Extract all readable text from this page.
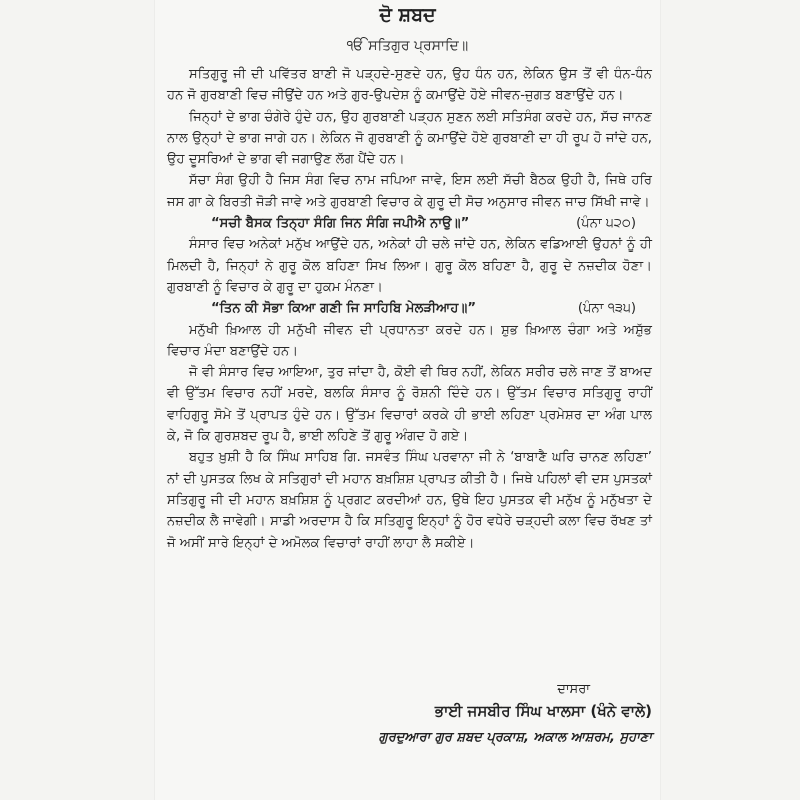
ਦੋ ਸ਼ਬਦ
ੴ ਸਤਿਗੁਰ ਪ੍ਰਸਾਦਿ॥

ਸਤਿਗੁਰੂ ਜੀ ਦੀ ਪਵਿੱਤਰ ਬਾਣੀ ਜੋ ਪੜ੍ਹਦੇ-ਸੁਣਦੇ ਹਨ, ਉਹ ਧੰਨ ਹਨ, ਲੇਕਿਨ ਉਸ ਤੋਂ ਵੀ ਧੰਨ-ਧੰਨ ਹਨ ਜੋ ਗੁਰਬਾਣੀ ਵਿਚ ਜੀਉਂਦੇ ਹਨ ਅਤੇ ਗੁਰ-ਉਪਦੇਸ਼ ਨੂੰ ਕਮਾਉਂਦੇ ਹੋਏ ਜੀਵਨ-ਜੁਗਤ ਬਣਾਉਂਦੇ ਹਨ।

ਜਿਨ੍ਹਾਂ ਦੇ ਭਾਗ ਚੰਗੇਰੇ ਹੁੰਦੇ ਹਨ, ਉਹ ਗੁਰਬਾਣੀ ਪੜ੍ਹਨ ਸੁਣਨ ਲਈ ਸਤਿਸੰਗ ਕਰਦੇ ਹਨ, ਸੱਚ ਜਾਨਣ ਨਾਲ ਉਨ੍ਹਾਂ ਦੇ ਭਾਗ ਜਾਗੇ ਹਨ। ਲੇਕਿਨ ਜੋ ਗੁਰਬਾਣੀ ਨੂੰ ਕਮਾਉਂਦੇ ਹੋਏ ਗੁਰਬਾਣੀ ਦਾ ਹੀ ਰੂਪ ਹੋ ਜਾਂਦੇ ਹਨ, ਉਹ ਦੂਸਰਿਆਂ ਦੇ ਭਾਗ ਵੀ ਜਗਾਉਣ ਲੱਗ ਪੈਂਦੇ ਹਨ।

ਸੱਚਾ ਸੰਗ ਉਹੀ ਹੈ ਜਿਸ ਸੰਗ ਵਿਚ ਨਾਮ ਜਪਿਆ ਜਾਵੇ, ਇਸ ਲਈ ਸੱਚੀ ਬੈਠਕ ਉਹੀ ਹੈ, ਜਿਥੇ ਹਰਿ ਜਸ ਗਾ ਕੇ ਬਿਰਤੀ ਜੋੜੀ ਜਾਵੇ ਅਤੇ ਗੁਰਬਾਣੀ ਵਿਚਾਰ ਕੇ ਗੁਰੂ ਦੀ ਸੋਚ ਅਨੁਸਾਰ ਜੀਵਨ ਜਾਚ ਸਿੱਖੀ ਜਾਵੇ।

“ਸਚੀ ਬੈਸਕ ਤਿਨ੍ਹਾ ਸੰਗਿ ਜਿਨ ਸੰਗਿ ਜਪੀਐ ਨਾਉ॥”	(ਪੰਨਾ ੫੨੦)

ਸੰਸਾਰ ਵਿਚ ਅਨੇਕਾਂ ਮਨੁੱਖ ਆਉਂਦੇ ਹਨ, ਅਨੇਕਾਂ ਹੀ ਚਲੇ ਜਾਂਦੇ ਹਨ, ਲੇਕਿਨ ਵਡਿਆਈ ਉਹਨਾਂ ਨੂੰ ਹੀ ਮਿਲਦੀ ਹੈ, ਜਿਨ੍ਹਾਂ ਨੇ ਗੁਰੂ ਕੋਲ ਬਹਿਣਾ ਸਿਖ ਲਿਆ। ਗੁਰੂ ਕੋਲ ਬਹਿਣਾ ਹੈ, ਗੁਰੂ ਦੇ ਨਜ਼ਦੀਕ ਹੋਣਾ। ਗੁਰਬਾਣੀ ਨੂੰ ਵਿਚਾਰ ਕੇ ਗੁਰੂ ਦਾ ਹੁਕਮ ਮੰਨਣਾ।

“ਤਿਨ ਕੀ ਸੋਭਾ ਕਿਆ ਗਣੀ ਜਿ ਸਾਹਿਬਿ ਮੇਲੜੀਆਹ॥”	(ਪੰਨਾ ੧੩੫)

ਮਨੁੱਖੀ ਖ਼ਿਆਲ ਹੀ ਮਨੁੱਖੀ ਜੀਵਨ ਦੀ ਪ੍ਰਧਾਨਤਾ ਕਰਦੇ ਹਨ। ਸ਼ੁਭ ਖ਼ਿਆਲ ਚੰਗਾ ਅਤੇ ਅਸ਼ੁੱਭ ਵਿਚਾਰ ਮੰਦਾ ਬਣਾਉਂਦੇ ਹਨ।

ਜੋ ਵੀ ਸੰਸਾਰ ਵਿਚ ਆਇਆ, ਤੁਰ ਜਾਂਦਾ ਹੈ, ਕੋਈ ਵੀ ਥਿਰ ਨਹੀਂ, ਲੇਕਿਨ ਸਰੀਰ ਚਲੇ ਜਾਣ ਤੋਂ ਬਾਅਦ ਵੀ ਉੱਤਮ ਵਿਚਾਰ ਨਹੀਂ ਮਰਦੇ, ਬਲਕਿ ਸੰਸਾਰ ਨੂੰ ਰੋਸ਼ਨੀ ਦਿੰਦੇ ਹਨ। ਉੱਤਮ ਵਿਚਾਰ ਸਤਿਗੁਰੂ ਰਾਹੀਂ ਵਾਹਿਗੁਰੂ ਸੋਮੇ ਤੋਂ ਪ੍ਰਾਪਤ ਹੁੰਦੇ ਹਨ। ਉੱਤਮ ਵਿਚਾਰਾਂ ਕਰਕੇ ਹੀ ਭਾਈ ਲਹਿਣਾ ਪ੍ਰਮੇਸ਼ਰ ਦਾ ਅੰਗ ਪਾਲ ਕੇ, ਜੋ ਕਿ ਗੁਰਸ਼ਬਦ ਰੂਪ ਹੈ, ਭਾਈ ਲਹਿਣੇ ਤੋਂ ਗੁਰੂ ਅੰਗਦ ਹੋ ਗਏ।

ਬਹੁਤ ਖ਼ੁਸ਼ੀ ਹੈ ਕਿ ਸਿੰਘ ਸਾਹਿਬ ਗਿ. ਜਸਵੰਤ ਸਿੰਘ ਪਰਵਾਨਾ ਜੀ ਨੇ ‘ਬਾਬਾਣੈ ਘਰਿ ਚਾਨਣ ਲਹਿਣਾ’ ਨਾਂ ਦੀ ਪੁਸਤਕ ਲਿਖ ਕੇ ਸਤਿਗੁਰਾਂ ਦੀ ਮਹਾਨ ਬਖ਼ਸ਼ਿਸ਼ ਪ੍ਰਾਪਤ ਕੀਤੀ ਹੈ। ਜਿਥੇ ਪਹਿਲਾਂ ਵੀ ਦਸ ਪੁਸਤਕਾਂ ਸਤਿਗੁਰੂ ਜੀ ਦੀ ਮਹਾਨ ਬਖ਼ਸ਼ਿਸ਼ ਨੂੰ ਪ੍ਰਗਟ ਕਰਦੀਆਂ ਹਨ, ਉਥੇ ਇਹ ਪੁਸਤਕ ਵੀ ਮਨੁੱਖ ਨੂੰ ਮਨੁੱਖਤਾ ਦੇ ਨਜ਼ਦੀਕ ਲੈ ਜਾਵੇਗੀ। ਸਾਡੀ ਅਰਦਾਸ ਹੈ ਕਿ ਸਤਿਗੁਰੂ ਇਨ੍ਹਾਂ ਨੂੰ ਹੋਰ ਵਧੇਰੇ ਚੜ੍ਹਦੀ ਕਲਾ ਵਿਚ ਰੱਖਣ ਤਾਂ ਜੋ ਅਸੀਂ ਸਾਰੇ ਇਨ੍ਹਾਂ ਦੇ ਅਮੋਲਕ ਵਿਚਾਰਾਂ ਰਾਹੀਂ ਲਾਹਾ ਲੈ ਸਕੀਏ।

ਦਾਸਰਾ
ਭਾਈ ਜਸਬੀਰ ਸਿੰਘ ਖਾਲਸਾ (ਖੰਨੇ ਵਾਲੇ)
ਗੁਰਦੁਆਰਾ ਗੁਰ ਸ਼ਬਦ ਪ੍ਰਕਾਸ਼, ਅਕਾਲ ਆਸ਼ਰਮ, ਸੁਹਾਣਾ
